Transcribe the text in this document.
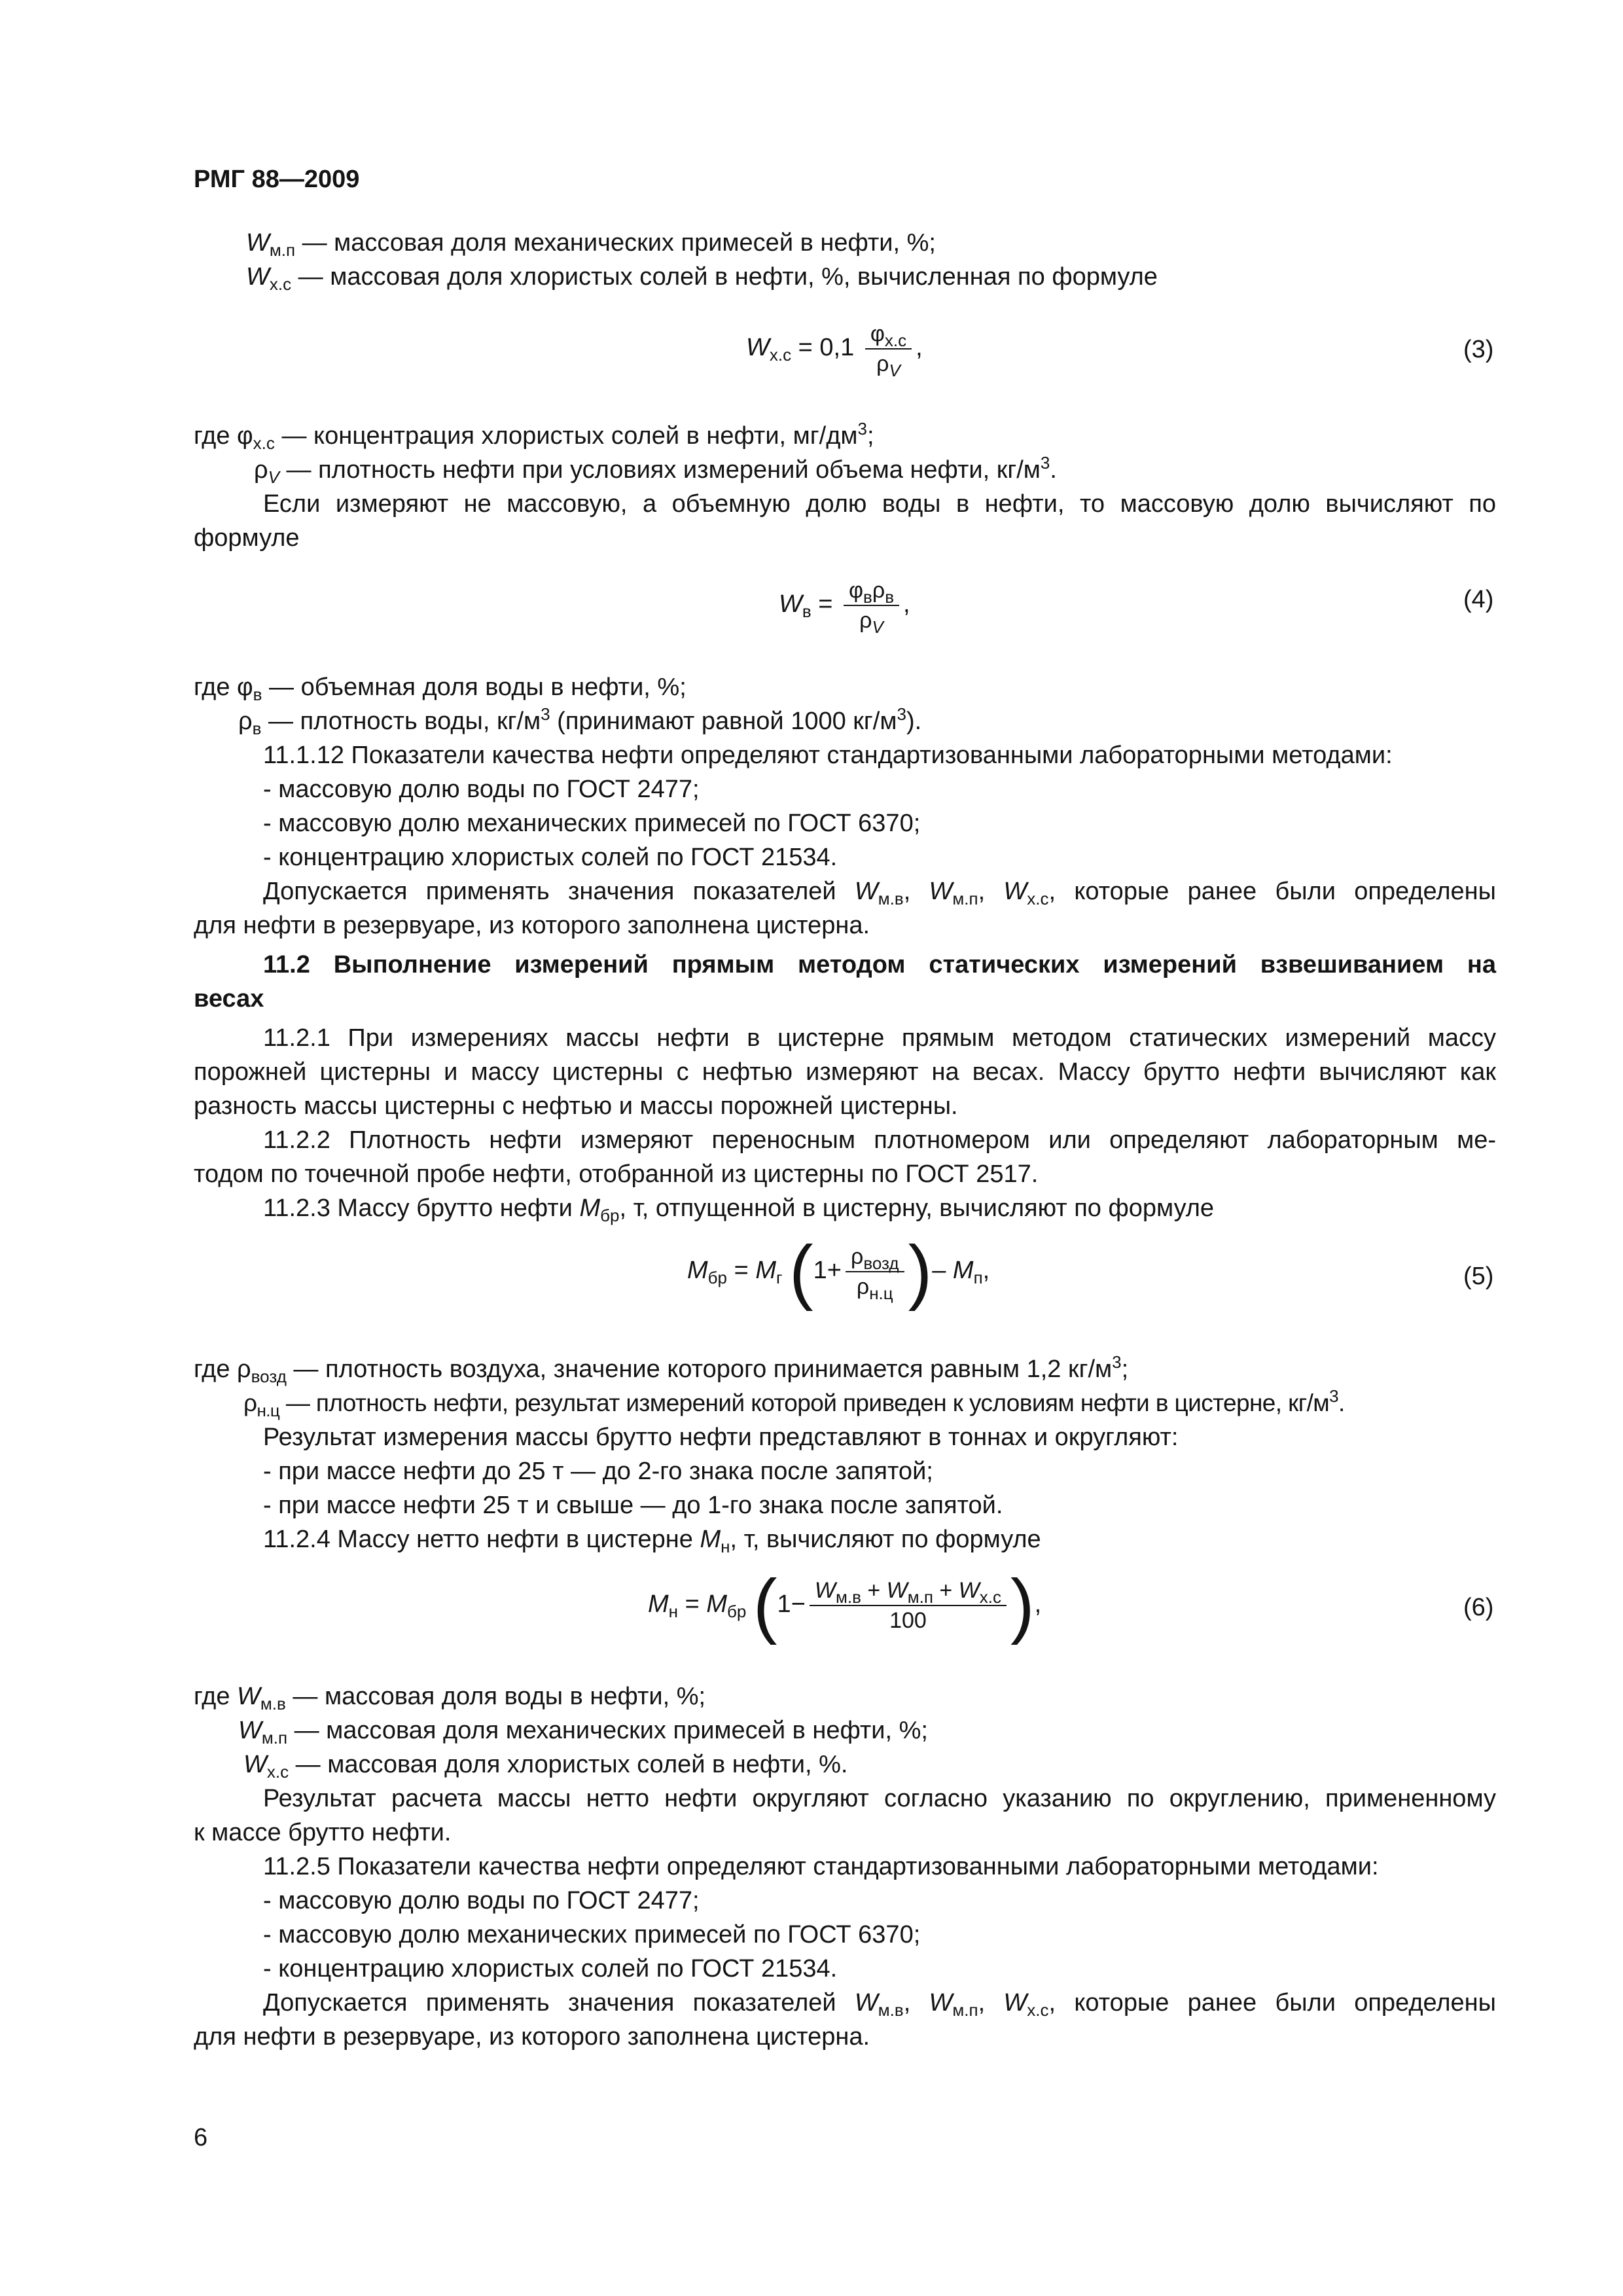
РМГ 88—2009
$W_{м.п}$ — массовая доля механических примесей в нефти, %;
$W_{х.с}$ — массовая доля хлористых солей в нефти, %, вычисленная по формуле
$W_{х.с} = 0,1 \frac{\varphi_{х.с}}{\rho_V}$ ,	(3)
где $\varphi_{х.с}$ — концентрация хлористых солей в нефти, $мг/дм^3$;
$\rho_V$ — плотность нефти при условиях измерений объема нефти, $кг/м^3$.
Если измеряют не массовую, а объемную долю воды в нефти, то массовую долю вычисляют по
формуле
$W_в = \frac{\varphi_в\rho_в}{\rho_V}$ ,	(4)
где $\varphi_в$ — объемная доля воды в нефти, %;
$\rho_в$ — плотность воды, $кг/м^3$ (принимают равной 1000 $кг/м^3$).
11.1.12 Показатели качества нефти определяют стандартизованными лабораторными методами:
- массовую долю воды по ГОСТ 2477;
- массовую долю механических примесей по ГОСТ 6370;
- концентрацию хлористых солей по ГОСТ 21534.
Допускается применять значения показателей $W_{м.в}$, $W_{м.п}$, $W_{х.с}$, которые ранее были определены
для нефти в резервуаре, из которого заполнена цистерна.
11.2 Выполнение измерений прямым методом статических измерений взвешиванием на
весах
11.2.1 При измерениях массы нефти в цистерне прямым методом статических измерений массу
порожней цистерны и массу цистерны с нефтью измеряют на весах. Массу брутто нефти вычисляют как
разность массы цистерны с нефтью и массы порожней цистерны.
11.2.2 Плотность нефти измеряют переносным плотномером или определяют лабораторным ме-
тодом по точечной пробе нефти, отобранной из цистерны по ГОСТ 2517.
11.2.3 Массу брутто нефти $M_{бр}$, т, отпущенной в цистерну, вычисляют по формуле
$M_{бр} = M_г$ ($1+ \frac{\rho_{возд}}{\rho_{н.ц}}$ )– $M_п$,	(5)
где $\rho_{возд}$ — плотность воздуха, значение которого принимается равным 1,2 $кг/м^3$;
$\rho_{н.ц}$ — плотность нефти, результат измерений которой приведен к условиям нефти в цистерне, $кг/м^3$.
Результат измерения массы брутто нефти представляют в тоннах и округляют:
- при массе нефти до 25 т — до 2-го знака после запятой;
- при массе нефти 25 т и свыше — до 1-го знака после запятой.
11.2.4 Массу нетто нефти в цистерне $M_н$, т, вычисляют по формуле
$M_н = M_{бр}$ ($1- \frac{W_{м.в} + W_{м.п} + W_{х.с}}{100}$ ),	(6)
где $W_{м.в}$ — массовая доля воды в нефти, %;
$W_{м.п}$ — массовая доля механических примесей в нефти, %;
$W_{х.с}$ — массовая доля хлористых солей в нефти, %.
Результат расчета массы нетто нефти округляют согласно указанию по округлению, примененному
к массе брутто нефти.
11.2.5 Показатели качества нефти определяют стандартизованными лабораторными методами:
- массовую долю воды по ГОСТ 2477;
- массовую долю механических примесей по ГОСТ 6370;
- концентрацию хлористых солей по ГОСТ 21534.
Допускается применять значения показателей $W_{м.в}$, $W_{м.п}$, $W_{х.с}$, которые ранее были определены
для нефти в резервуаре, из которого заполнена цистерна.
6
